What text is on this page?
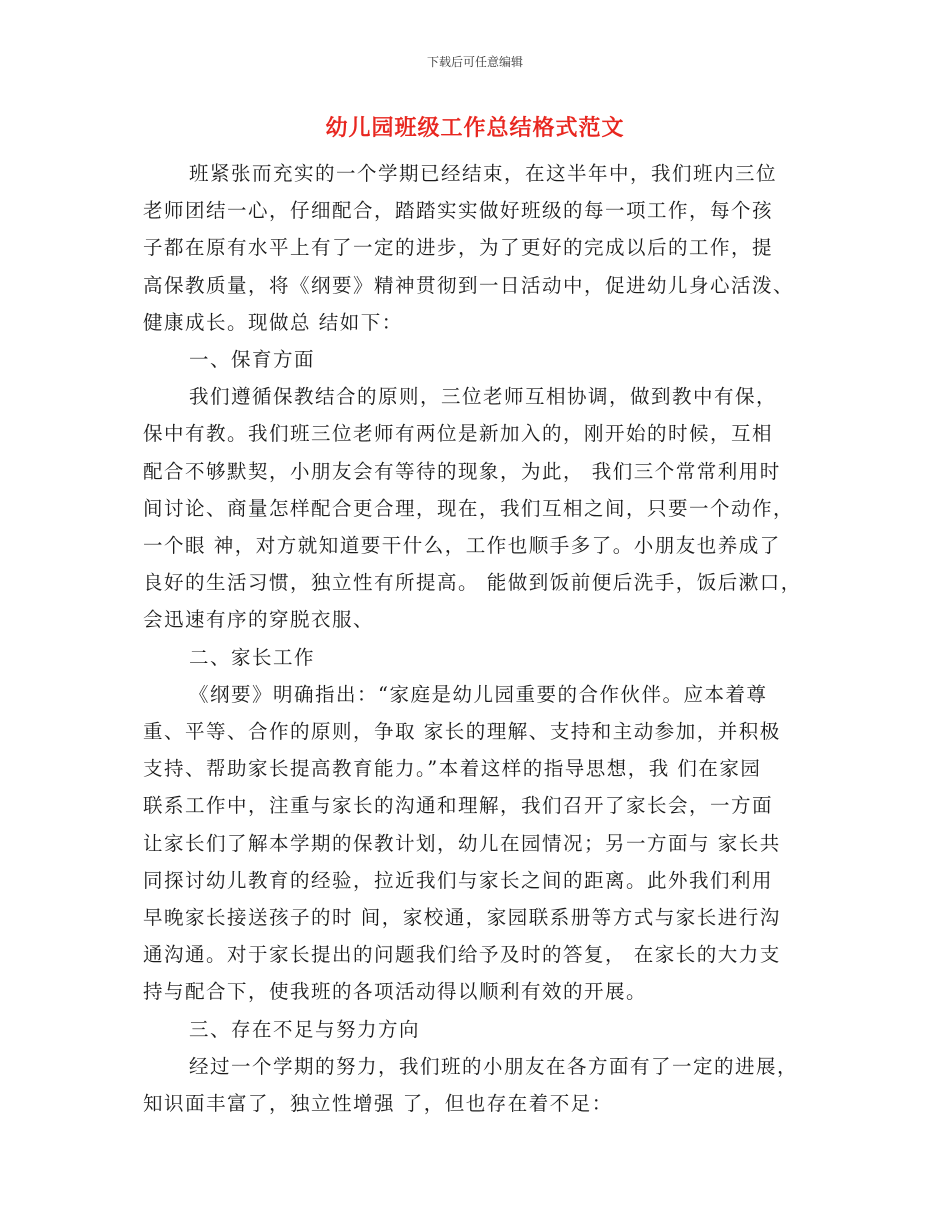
下载后可任意编辑
幼儿园班级工作总结格式范文

班紧张而充实的一个学期已经结束，在这半年中，我们班内三位
老师团结一心，仔细配合，踏踏实实做好班级的每一项工作，每个孩
子都在原有水平上有了一定的进步，为了更好的完成以后的工作，提
高保教质量，将《纲要》精神贯彻到一日活动中，促进幼儿身心活泼、
健康成长。现做总 结如下：

一、保育方面

我们遵循保教结合的原则，三位老师互相协调，做到教中有保，
保中有教。我们班三位老师有两位是新加入的，刚开始的时候，互相
配合不够默契，小朋友会有等待的现象，为此， 我们三个常常利用时
间讨论、商量怎样配合更合理，现在，我们互相之间，只要一个动作，
一个眼 神，对方就知道要干什么，工作也顺手多了。小朋友也养成了
良好的生活习惯，独立性有所提高。 能做到饭前便后洗手，饭后漱口，
会迅速有序的穿脱衣服、

二、家长工作

《纲要》明确指出：“家庭是幼儿园重要的合作伙伴。应本着尊
重、平等、合作的原则，争取 家长的理解、支持和主动参加，并积极
支持、帮助家长提高教育能力。”本着这样的指导思想，我 们在家园
联系工作中，注重与家长的沟通和理解，我们召开了家长会，一方面
让家长们了解本学期的保教计划，幼儿在园情况；另一方面与 家长共
同探讨幼儿教育的经验，拉近我们与家长之间的距离。此外我们利用
早晚家长接送孩子的时 间，家校通，家园联系册等方式与家长进行沟
通沟通。对于家长提出的问题我们给予及时的答复， 在家长的大力支
持与配合下，使我班的各项活动得以顺利有效的开展。

三、存在不足与努力方向

经过一个学期的努力，我们班的小朋友在各方面有了一定的进展，
知识面丰富了，独立性增强 了，但也存在着不足：
